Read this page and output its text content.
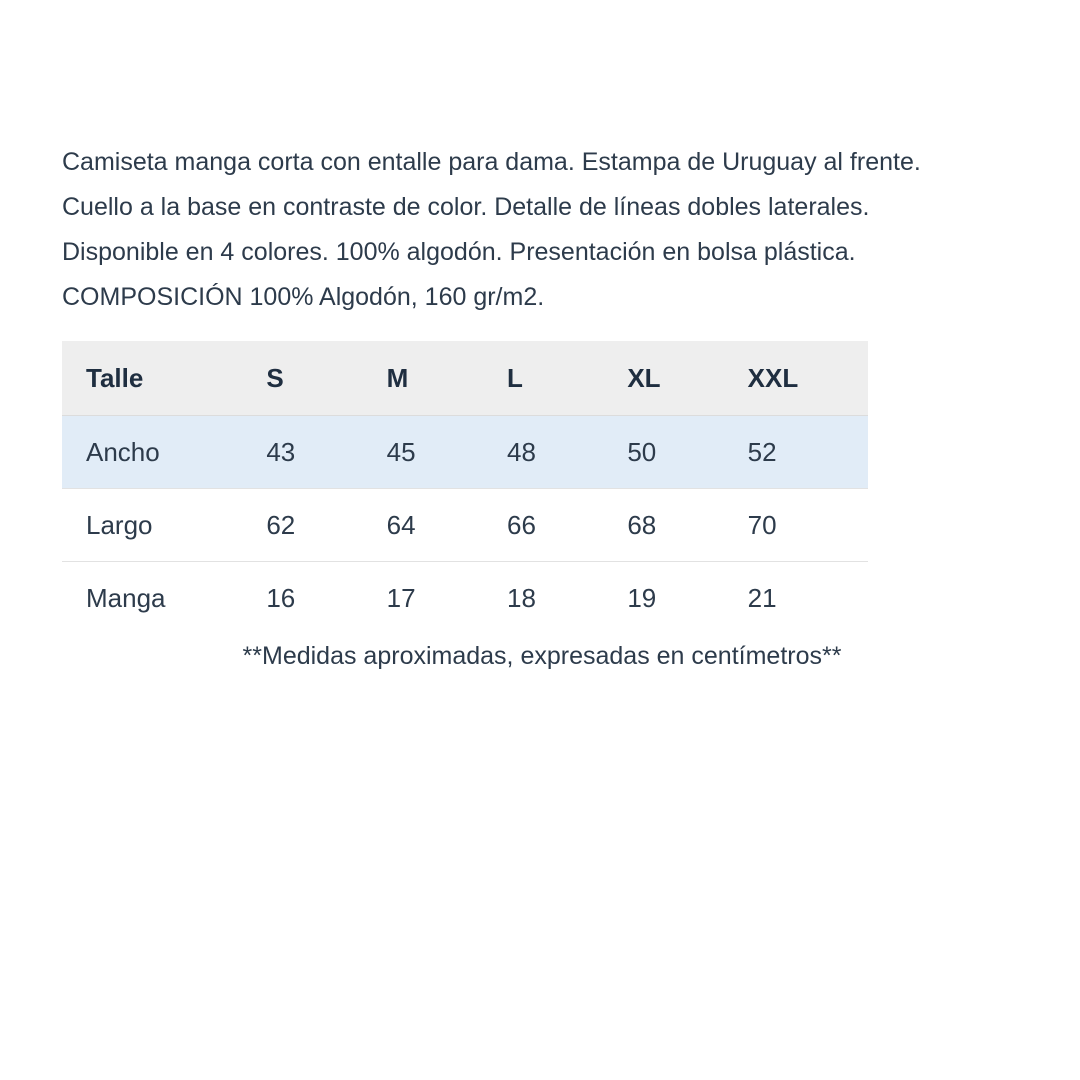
Camiseta manga corta con entalle para dama. Estampa de Uruguay al frente.

Cuello a la base en contraste de color. Detalle de líneas dobles laterales.

Disponible en 4 colores. 100% algodón. Presentación en bolsa plástica.

COMPOSICIÓN 100% Algodón, 160 gr/m2.

Talle	S	M	L	XL	XXL
Ancho	43	45	48	50	52
Largo	62	64	66	68	70
Manga	16	17	18	19	21
**Medidas aproximadas, expresadas en centímetros**
